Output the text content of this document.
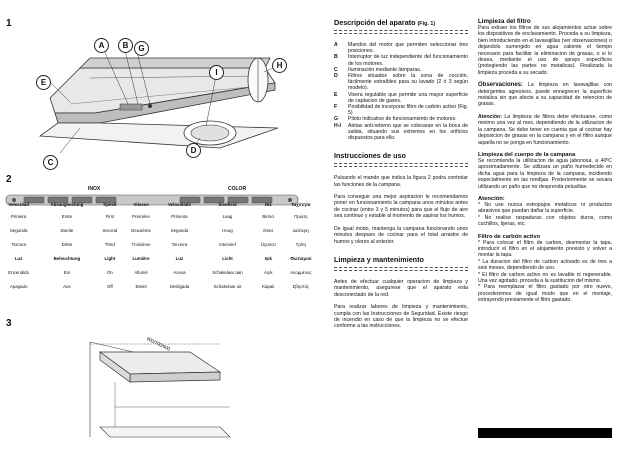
1
A	B	G
E
H
I
D
C
2
INOX	COLOR
Velocidad	Absaugleistung	Speed	Vitesse	Velocidade	Snelheid	Hız	Ταχύτητα
Primera	Erste	First	Première	Primeira	Laag	Birinci	Πρώτη
Segunda	Zweite	Second	Deuxième	Segunda	Hoog	Ikinci	Δεύτερη
Tercera	Dritte	Third	Troisième	Terceira	Intensief	Üçüncü	Τρίτη
Luz	Beleuchtung	Light	Lumière	Luz	Licht	Işık	Φωτισμού
Encendido	Ein	On	Allumé	Acesa	Schakelaar aan	Açık	Ανομμένος
Apagado	Aus	Off	Eteint	Desligada	Schakelaar uit	Kapalı	Σβηστός
3
900/700/600
Descripción del aparato (Fig. 1)
A	Mandos del motor que permiten seleccionar tres posiciones.
B	Interruptor de luz independiente del funcionamiento de los motores.
C	Iluminación mediante lámparas.
D	Filtros situados sobre la zona de cocción, fácilmente extraíbles para su lavado (2 ó 3 según modelo).
E	Visera regulable que permite una mayor superficie de captacion de gases.
F	Posibilidad de incorporar filtro de carbón activo (Fig. 5)
G	Piloto indicativo de funcionamiento de motores.
H-I	Aletas anti-retorno que se colocaran en la boca de salida, situando sus extremos en los orificios dispuestos para ello.
Instrucciones de uso
Pulsando el mando que indica la figura 2 podra controlar las funciones de la campana.
Para conseguir una mejor aspiracion le recomendamos poner en funcionamiento la campana unos minutos antes de cocinar (entre 3 y 5 minutos) para que el flujo de aire sea continuo y estable al momento de aspirar los humos.
De igual modo, mantenga la campana funcionando unos minutos despues de cocinar para el total arrastre de humos y olores al exterior.
Limpieza y mantenimiento
Antes de efectuar cualquier operacion de limpieza y mantenimiento, asegurese que el aparato esta desconectado de la red.
Para realizar labores de limpieza y mantenimiento, cumpla con las Instrucciones de Seguridad. Existe riesgo de incendio en caso de que la limpieza no se efectue conforme a las instrucciones.
Limpieza del filtro
Para extraer los filtros de sus alojamientos actue sobre los dispositivos de enclavamiento. Proceda a su limpieza, bien introduciendo en el lavavajillas (ver observaciones) o dejandolo sumergido en agua caliente el tiempo necesario para facilitar la eliminacion de grasas, o si lo desea, mediante el uso de sprays especificos (protegiendo las partes no metalicas). Finalizada la limpieza proceda a su secado.
Observaciones: La limpieza en lavavajillas con detergentes agresivos, puede ennegrecer la superficie metalica sin que afecte a su capacidad de retencion de grasas.
Atención: La limpieza de filtros debe efectuarse, como minimo una vez al mes, dependiendo de la utilizacion de la campana. Se debe tener en cuenta que al cocinar hay deposicion de grasas en la campana y en el filtro aunque aquella no se ponga en funcionamiento.
Limpieza del cuerpo de la campana
Se recomienda la utilizacion de agua jabonosa, a 40ºC aproximadamente. Se utilizara un paño humedecido en dicha agua para la limpieza de la campana, incidiendo especialmente en las rendijas. Posteriormente se secara utilizando un paño que no desprenda pelusillas.
Atención:
* No use nunca estropajos metalicos ni productos abrasivos que puedan dañar la superficie.
* No realice raspaduras con objetos duros, como cuchillos, tijeras, etc.
Filtro de carbón activo
* Para colocar el filtro de carbon, desmontar la tapa, introducir el filtro en el alojamiento previsto y volver a montar la tapa.
* La duracion del filtro de carbon activado es de tres a seis meses, dependiendo de uso.
* El filtro de carbon activo no es lavable ni regenerable. Una vez agotado, proceda a la sustitucion del mismo.
* Para reemplazar el filtro gastado por otro nuevo, procederemos de igual modo que en el montaje, extrayendo previamente el filtro gastado.
